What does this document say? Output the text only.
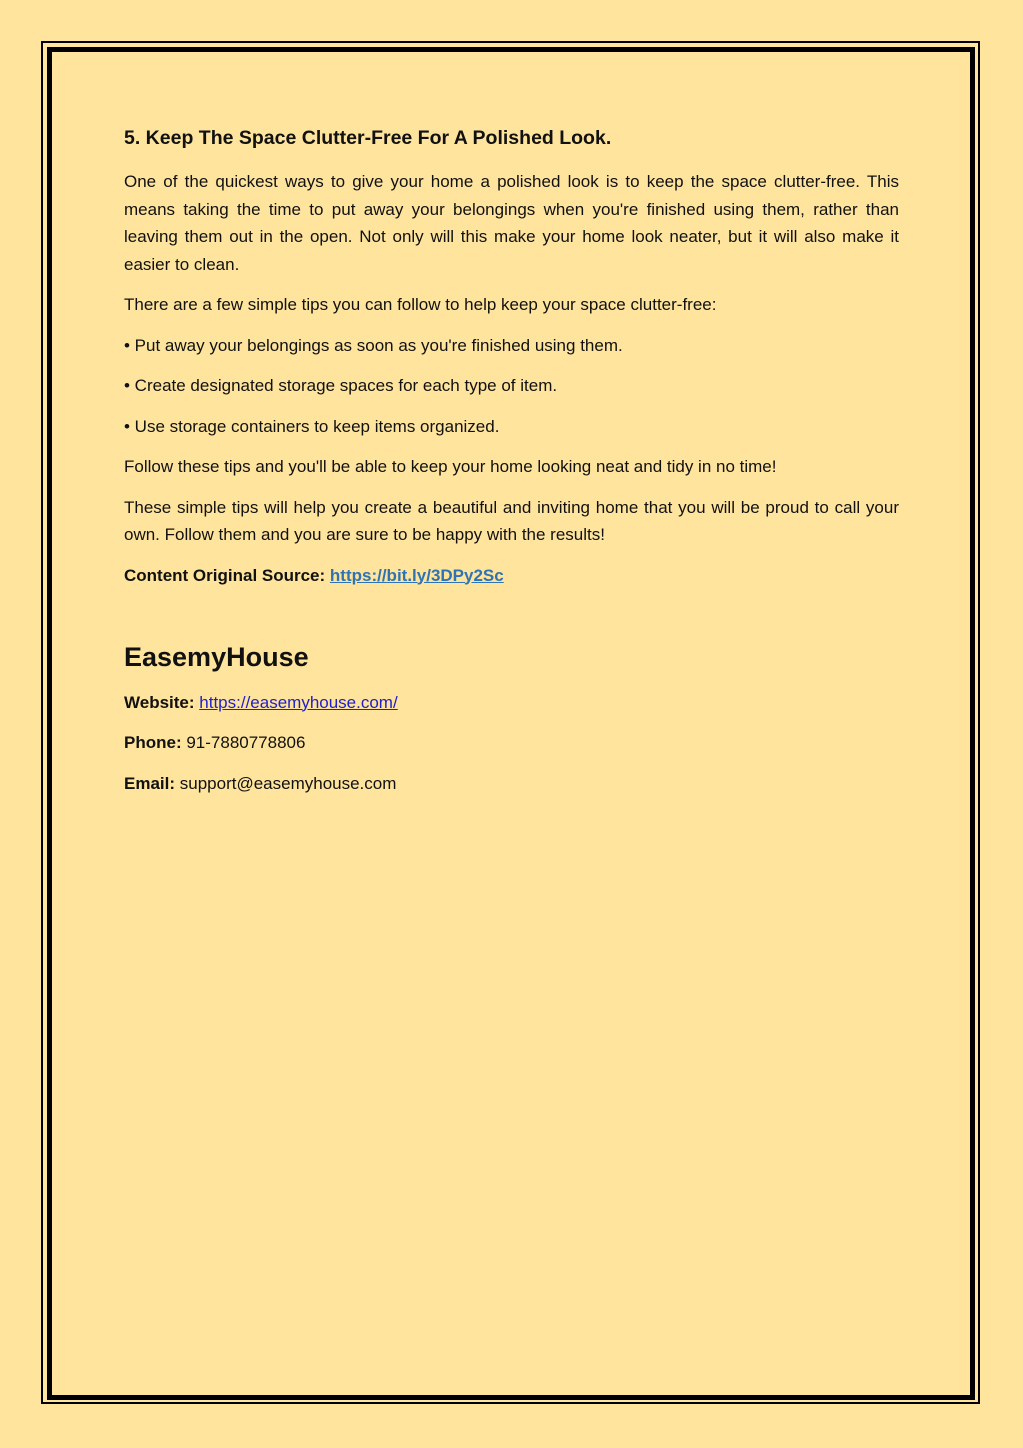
5. Keep The Space Clutter-Free For A Polished Look.

One of the quickest ways to give your home a polished look is to keep the space clutter-free. This means taking the time to put away your belongings when you're finished using them, rather than leaving them out in the open. Not only will this make your home look neater, but it will also make it easier to clean.

There are a few simple tips you can follow to help keep your space clutter-free:

• Put away your belongings as soon as you're finished using them.

• Create designated storage spaces for each type of item.

• Use storage containers to keep items organized.

Follow these tips and you'll be able to keep your home looking neat and tidy in no time!

These simple tips will help you create a beautiful and inviting home that you will be proud to call your own. Follow them and you are sure to be happy with the results!

Content Original Source: https://bit.ly/3DPy2Sc

EasemyHouse

Website: https://easemyhouse.com/

Phone: 91-7880778806

Email: support@easemyhouse.com
